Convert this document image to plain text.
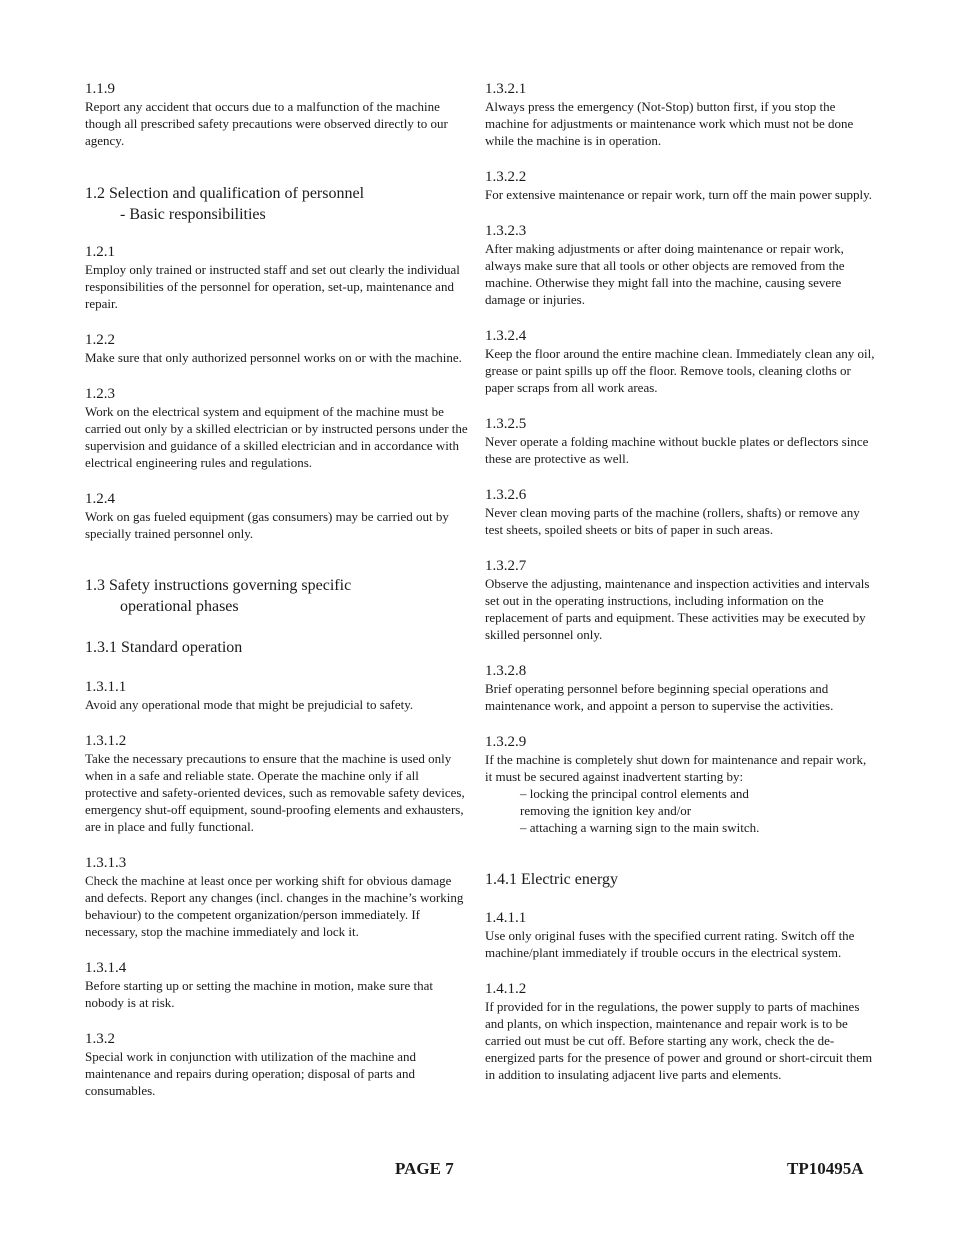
1.1.9

Report any accident that occurs due to a malfunction of the machine though all prescribed safety precautions were observed directly to our agency.

1.2 Selection and qualification of personnel
- Basic responsibilities

1.2.1

Employ only trained or instructed staff and set out clearly the individual responsibilities of the personnel for operation, set-up, maintenance and repair.

1.2.2

Make sure that only authorized personnel works on or with the machine.

1.2.3

Work on the electrical system and equipment of the machine must be carried out only by a skilled electrician or by instructed persons under the supervision and guidance of a skilled electrician and in accordance with electrical engineering rules and regulations.

1.2.4

Work on gas fueled equipment (gas consumers) may be carried out by specially trained personnel only.

1.3 Safety instructions governing specific
operational phases

1.3.1 Standard operation

1.3.1.1

Avoid any operational mode that might be prejudicial to safety.

1.3.1.2

Take the necessary precautions to ensure that the machine is used only when in a safe and reliable state. Operate the machine only if all protective and safety-oriented devices, such as removable safety devices, emergency shut-off equipment, sound-proofing elements and exhausters, are in place and fully functional.

1.3.1.3

Check the machine at least once per working shift for obvious damage and defects. Report any changes (incl. changes in the machine’s working behaviour) to the competent organization/person immediately. If necessary, stop the machine immediately and lock it.

1.3.1.4

Before starting up or setting the machine in motion, make sure that nobody is at risk.

1.3.2

Special work in conjunction with utilization of the machine and maintenance and repairs during operation; disposal of parts and consumables.

1.3.2.1

Always press the emergency (Not-Stop) button first, if you stop the machine for adjustments or maintenance work which must not be done while the machine is in operation.

1.3.2.2

For extensive maintenance or repair work, turn off the main power supply.

1.3.2.3

After making adjustments or after doing maintenance or repair work, always make sure that all tools or other objects are removed from the machine. Otherwise they might fall into the machine, causing severe damage or injuries.

1.3.2.4

Keep the floor around the entire machine clean. Immediately clean any oil, grease or paint spills up off the floor. Remove tools, cleaning cloths or paper scraps from all work areas.

1.3.2.5

Never operate a folding machine without buckle plates or deflectors since these are protective as well.

1.3.2.6

Never clean moving parts of the machine (rollers, shafts) or remove any test sheets, spoiled sheets or bits of paper in such areas.

1.3.2.7

Observe the adjusting, maintenance and inspection activities and intervals set out in the operating instructions, including information on the replacement of parts and equipment. These activities may be executed by skilled personnel only.

1.3.2.8

Brief operating personnel before beginning special operations and maintenance work, and appoint a person to supervise the activities.

1.3.2.9

If the machine is completely shut down for maintenance and repair work, it must be secured against inadvertent starting by:

– locking the principal control elements and
removing the ignition key and/or
– attaching a warning sign to the main switch.

1.4.1 Electric energy

1.4.1.1

Use only original fuses with the specified current rating. Switch off the machine/plant immediately if trouble occurs in the electrical system.

1.4.1.2

If provided for in the regulations, the power supply to parts of machines and plants, on which inspection, maintenance and repair work is to be carried out must be cut off. Before starting any work, check the de-energized parts for the presence of power and ground or short-circuit them in addition to insulating adjacent live parts and elements.

PAGE 7	TP10495A
